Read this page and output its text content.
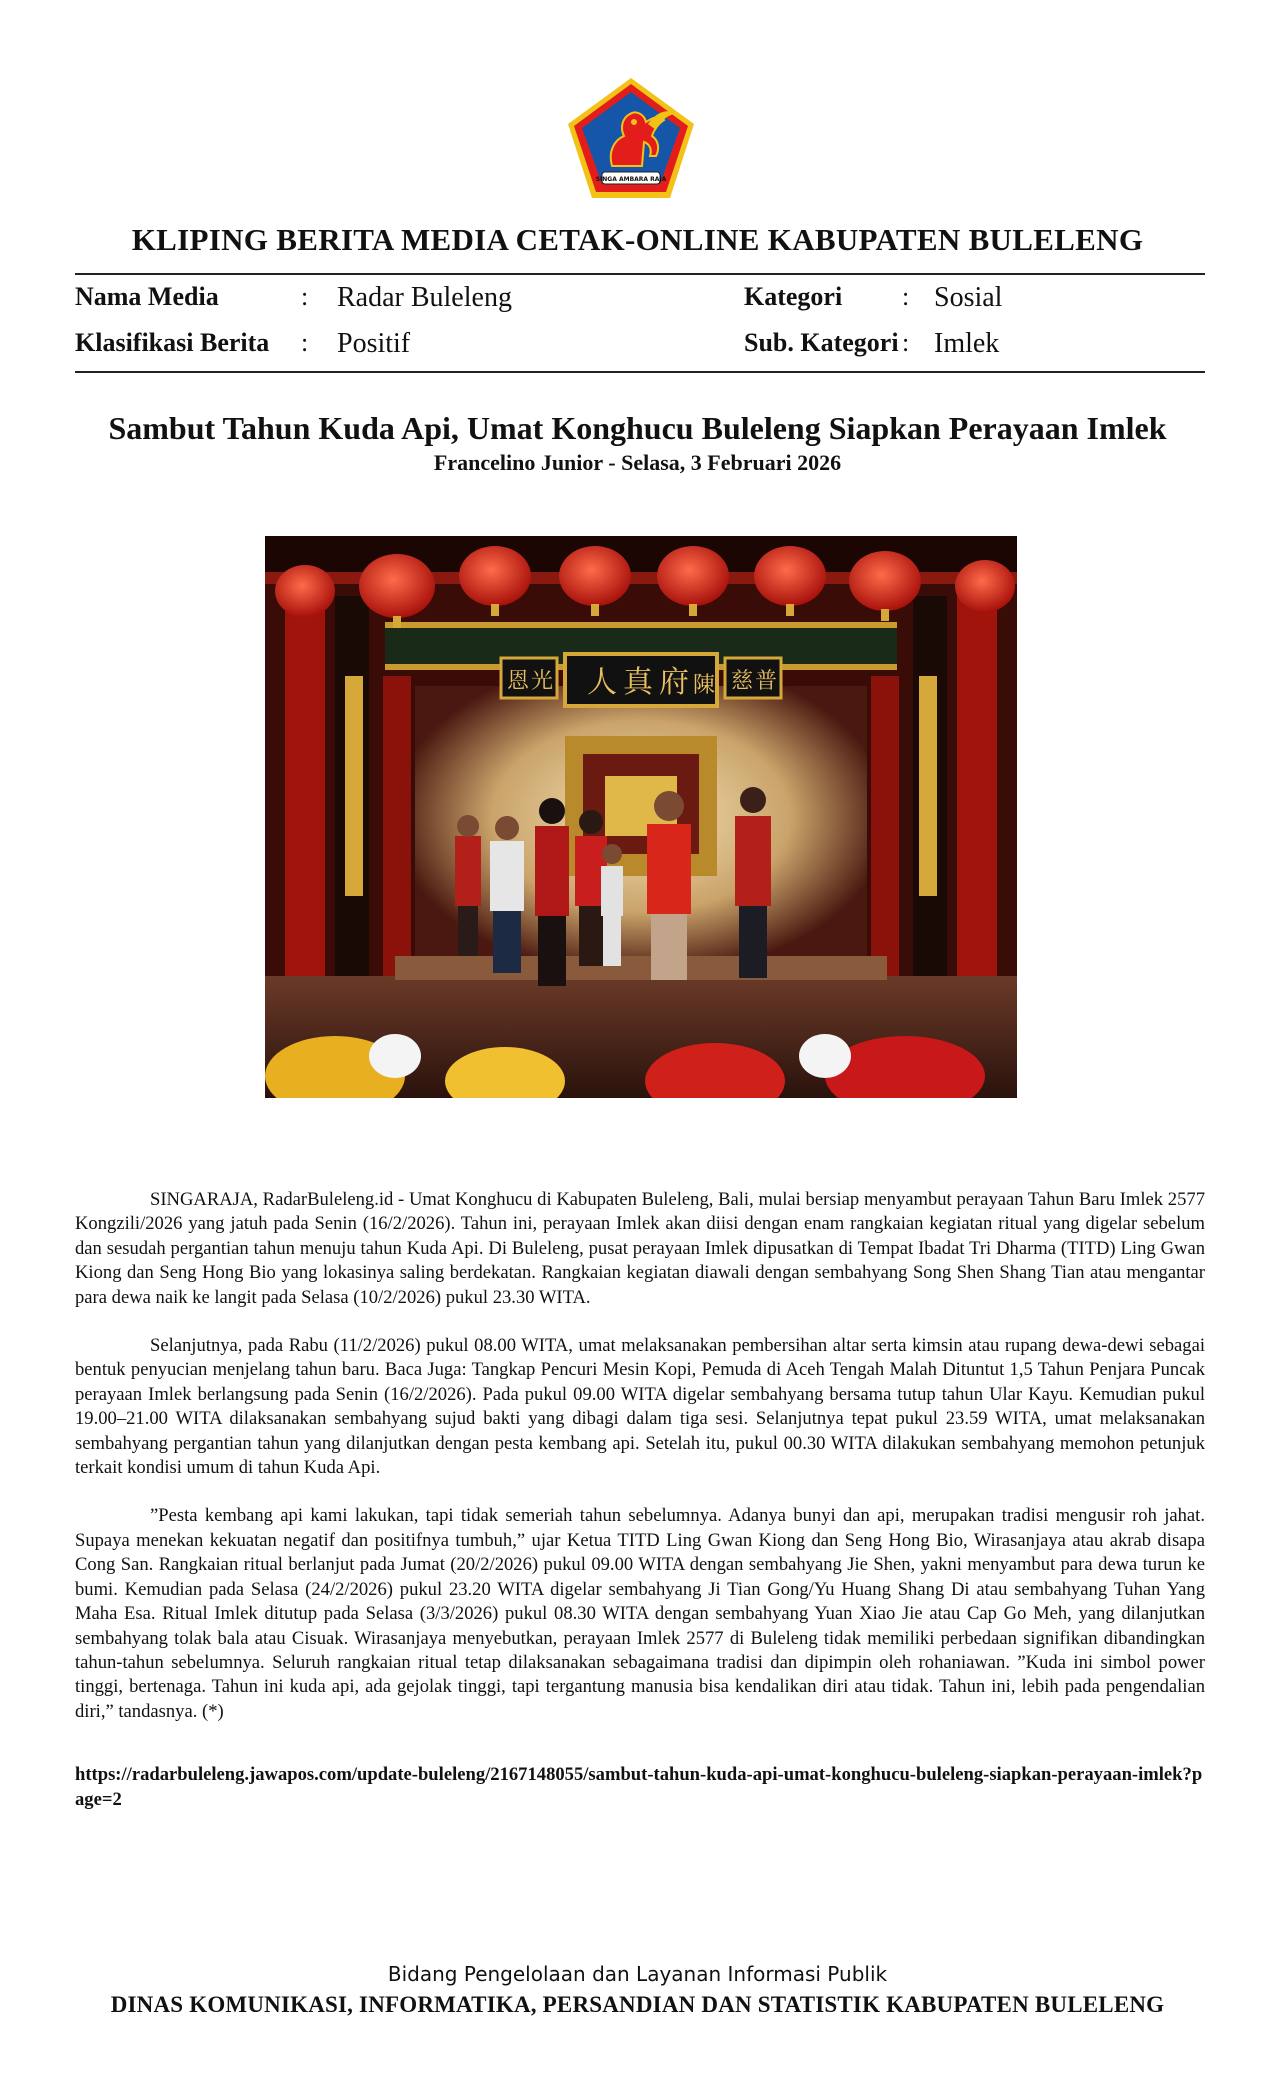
SINGA AMBARA RAJA
KLIPING BERITA MEDIA CETAK-ONLINE KABUPATEN BULELENG
Nama Media	: Radar Buleleng	Kategori : Sosial
Klasifikasi Berita : Positif	Sub. Kategori : Imlek
Sambut Tahun Kuda Api, Umat Konghucu Buleleng Siapkan Perayaan Imlek
Francelino Junior - Selasa, 3 Februari 2026
人 真 府 陳
恩 光	慈 普

SINGARAJA, RadarBuleleng.id - Umat Konghucu di Kabupaten Buleleng, Bali, mulai bersiap menyambut perayaan Tahun Baru Imlek 2577 Kongzili/2026 yang jatuh pada Senin (16/2/2026). Tahun ini, perayaan Imlek akan diisi dengan enam rangkaian kegiatan ritual yang digelar sebelum dan sesudah pergantian tahun menuju tahun Kuda Api. Di Buleleng, pusat perayaan Imlek dipusatkan di Tempat Ibadat Tri Dharma (TITD) Ling Gwan Kiong dan Seng Hong Bio yang lokasinya saling berdekatan. Rangkaian kegiatan diawali dengan sembahyang Song Shen Shang Tian atau mengantar para dewa naik ke langit pada Selasa (10/2/2026) pukul 23.30 WITA.

Selanjutnya, pada Rabu (11/2/2026) pukul 08.00 WITA, umat melaksanakan pembersihan altar serta kimsin atau rupang dewa-dewi sebagai bentuk penyucian menjelang tahun baru. Baca Juga: Tangkap Pencuri Mesin Kopi, Pemuda di Aceh Tengah Malah Dituntut 1,5 Tahun Penjara Puncak perayaan Imlek berlangsung pada Senin (16/2/2026). Pada pukul 09.00 WITA digelar sembahyang bersama tutup tahun Ular Kayu. Kemudian pukul 19.00–21.00 WITA dilaksanakan sembahyang sujud bakti yang dibagi dalam tiga sesi. Selanjutnya tepat pukul 23.59 WITA, umat melaksanakan sembahyang pergantian tahun yang dilanjutkan dengan pesta kembang api. Setelah itu, pukul 00.30 WITA dilakukan sembahyang memohon petunjuk terkait kondisi umum di tahun Kuda Api.

”Pesta kembang api kami lakukan, tapi tidak semeriah tahun sebelumnya. Adanya bunyi dan api, merupakan tradisi mengusir roh jahat. Supaya menekan kekuatan negatif dan positifnya tumbuh,” ujar Ketua TITD Ling Gwan Kiong dan Seng Hong Bio, Wirasanjaya atau akrab disapa Cong San. Rangkaian ritual berlanjut pada Jumat (20/2/2026) pukul 09.00 WITA dengan sembahyang Jie Shen, yakni menyambut para dewa turun ke bumi. Kemudian pada Selasa (24/2/2026) pukul 23.20 WITA digelar sembahyang Ji Tian Gong/Yu Huang Shang Di atau sembahyang Tuhan Yang Maha Esa. Ritual Imlek ditutup pada Selasa (3/3/2026) pukul 08.30 WITA dengan sembahyang Yuan Xiao Jie atau Cap Go Meh, yang dilanjutkan sembahyang tolak bala atau Cisuak. Wirasanjaya menyebutkan, perayaan Imlek 2577 di Buleleng tidak memiliki perbedaan signifikan dibandingkan tahun-tahun sebelumnya. Seluruh rangkaian ritual tetap dilaksanakan sebagaimana tradisi dan dipimpin oleh rohaniawan. ”Kuda ini simbol power tinggi, bertenaga. Tahun ini kuda api, ada gejolak tinggi, tapi tergantung manusia bisa kendalikan diri atau tidak. Tahun ini, lebih pada pengendalian diri,” tandasnya. (*)

https://radarbuleleng.jawapos.com/update-buleleng/2167148055/sambut-tahun-kuda-api-umat-konghucu-buleleng-siapkan-perayaan-imlek?page=2
Bidang Pengelolaan dan Layanan Informasi Publik
DINAS KOMUNIKASI, INFORMATIKA, PERSANDIAN DAN STATISTIK KABUPATEN BULELENG
